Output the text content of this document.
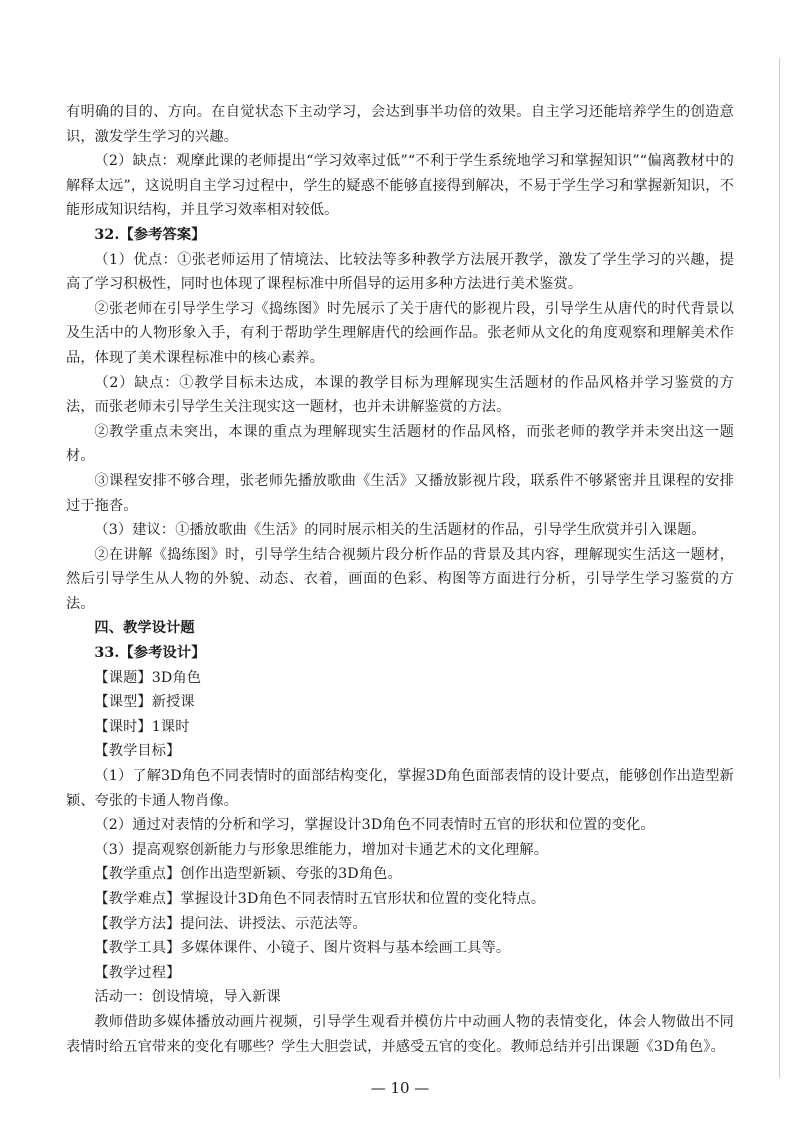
有明确的目的、方向。在自觉状态下主动学习，会达到事半功倍的效果。自主学习还能培养学生的创造意识，激发学生学习的兴趣。

（2）缺点：观摩此课的老师提出“学习效率过低”“不利于学生系统地学习和掌握知识”“偏离教材中的解释太远”，这说明自主学习过程中，学生的疑惑不能够直接得到解决，不易于学生学习和掌握新知识，不能形成知识结构，并且学习效率相对较低。

32.【参考答案】

（1）优点：①张老师运用了情境法、比较法等多种教学方法展开教学，激发了学生学习的兴趣，提高了学习积极性，同时也体现了课程标准中所倡导的运用多种方法进行美术鉴赏。

②张老师在引导学生学习《捣练图》时先展示了关于唐代的影视片段，引导学生从唐代的时代背景以及生活中的人物形象入手，有利于帮助学生理解唐代的绘画作品。张老师从文化的角度观察和理解美术作品，体现了美术课程标准中的核心素养。

（2）缺点：①教学目标未达成，本课的教学目标为理解现实生活题材的作品风格并学习鉴赏的方法，而张老师未引导学生关注现实这一题材，也并未讲解鉴赏的方法。

②教学重点未突出，本课的重点为理解现实生活题材的作品风格，而张老师的教学并未突出这一题材。

③课程安排不够合理，张老师先播放歌曲《生活》又播放影视片段，联系件不够紧密并且课程的安排过于拖沓。

（3）建议：①播放歌曲《生活》的同时展示相关的生活题材的作品，引导学生欣赏并引入课题。

②在讲解《捣练图》时，引导学生结合视频片段分析作品的背景及其内容，理解现实生活这一题材，然后引导学生从人物的外貌、动态、衣着，画面的色彩、构图等方面进行分析，引导学生学习鉴赏的方法。

四、教学设计题

33.【参考设计】

【课题】3D角色

【课型】新授课

【课时】1课时

【教学目标】

（1）了解3D角色不同表情时的面部结构变化，掌握3D角色面部表情的设计要点，能够创作出造型新颖、夸张的卡通人物肖像。

（2）通过对表情的分析和学习，掌握设计3D角色不同表情时五官的形状和位置的变化。

（3）提高观察创新能力与形象思维能力，增加对卡通艺术的文化理解。

【教学重点】创作出造型新颖、夸张的3D角色。

【教学难点】掌握设计3D角色不同表情时五官形状和位置的变化特点。

【教学方法】提问法、讲授法、示范法等。

【教学工具】多媒体课件、小镜子、图片资料与基本绘画工具等。

【教学过程】

活动一：创设情境，导入新课

教师借助多媒体播放动画片视频，引导学生观看并模仿片中动画人物的表情变化，体会人物做出不同表情时给五官带来的变化有哪些？学生大胆尝试，并感受五官的变化。教师总结并引出课题《3D角色》。

— 10 —
